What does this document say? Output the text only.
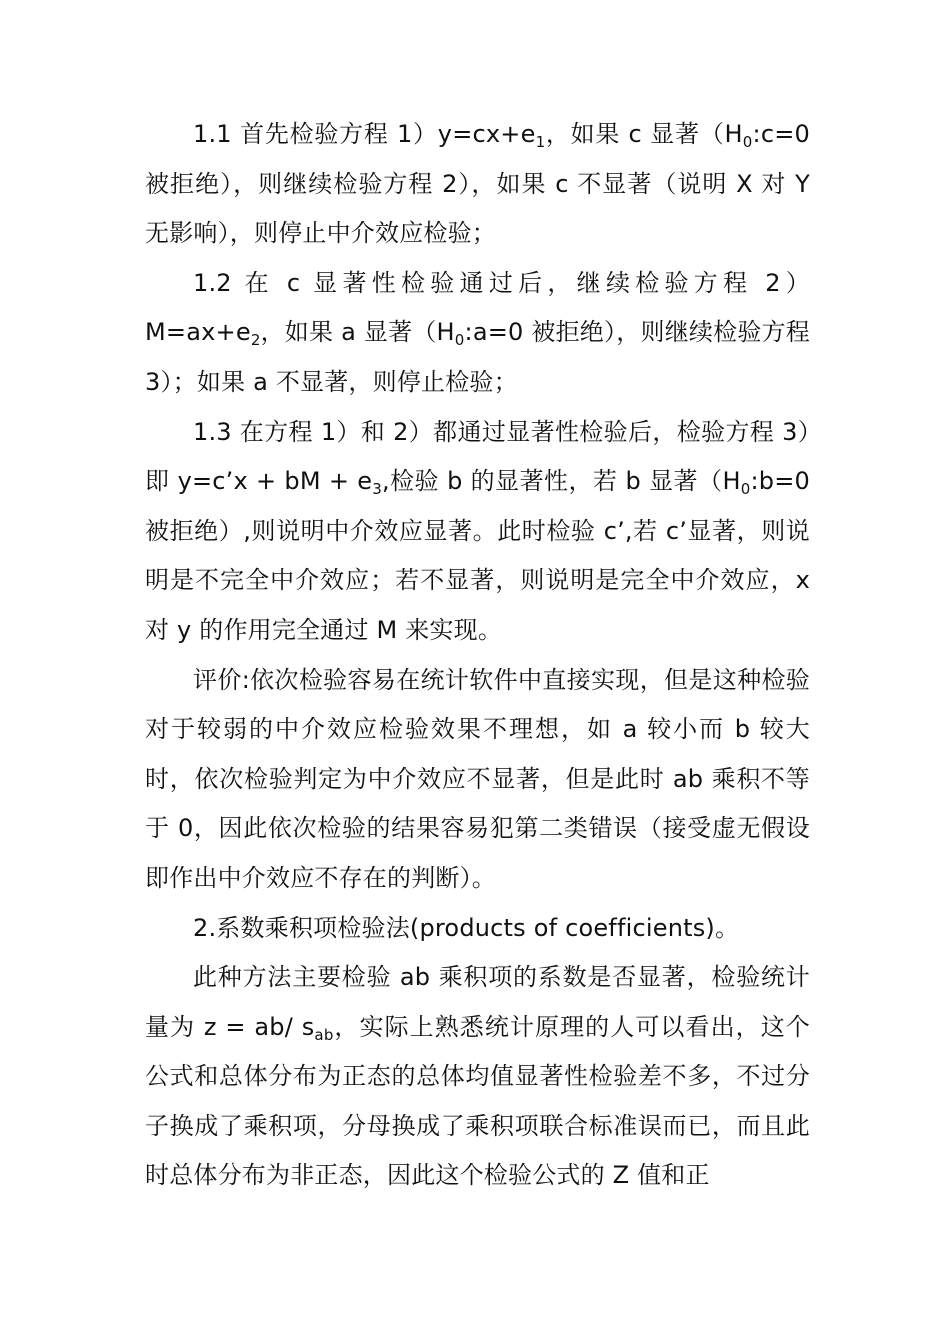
1.1 首先检验方程 $1)y=cx+e_1$，如果 c 显著（$H_0:c=0$ 被拒绝），则继续检验方程 2），如果 c 不显著（说明 X 对 Y 无影响），则停止中介效应检验；

1.2 在 c 显著性检验通过后，继续检验方程 $2)M=ax+e_2$，如果 a 显著（$H_0:a=0$ 被拒绝），则继续检验方程 3）；如果 a 不显著，则停止检验；

1.3 在方程 1）和 2）都通过显著性检验后，检验方程 3）即 y=c’x + bM + $e_3$,检验 b 的显著性，若 b 显著（$H_0:b=0$ 被拒绝）,则说明中介效应显著。此时检验 c’,若 c’显著，则说明是不完全中介效应；若不显著，则说明是完全中介效应，x 对 y 的作用完全通过 M 来实现。

评价:依次检验容易在统计软件中直接实现，但是这种检验对于较弱的中介效应检验效果不理想，如 a 较小而 b 较大时，依次检验判定为中介效应不显著，但是此时 ab 乘积不等于 0，因此依次检验的结果容易犯第二类错误（接受虚无假设即作出中介效应不存在的判断）。

2.系数乘积项检验法(products of coefficients)。

此种方法主要检验 ab 乘积项的系数是否显著，检验统计量为 z = ab/ $s_{ab}$，实际上熟悉统计原理的人可以看出，这个公式和总体分布为正态的总体均值显著性检验差不多，不过分子换成了乘积项，分母换成了乘积项联合标准误而已，而且此时总体分布为非正态，因此这个检验公式的 Z 值和正
